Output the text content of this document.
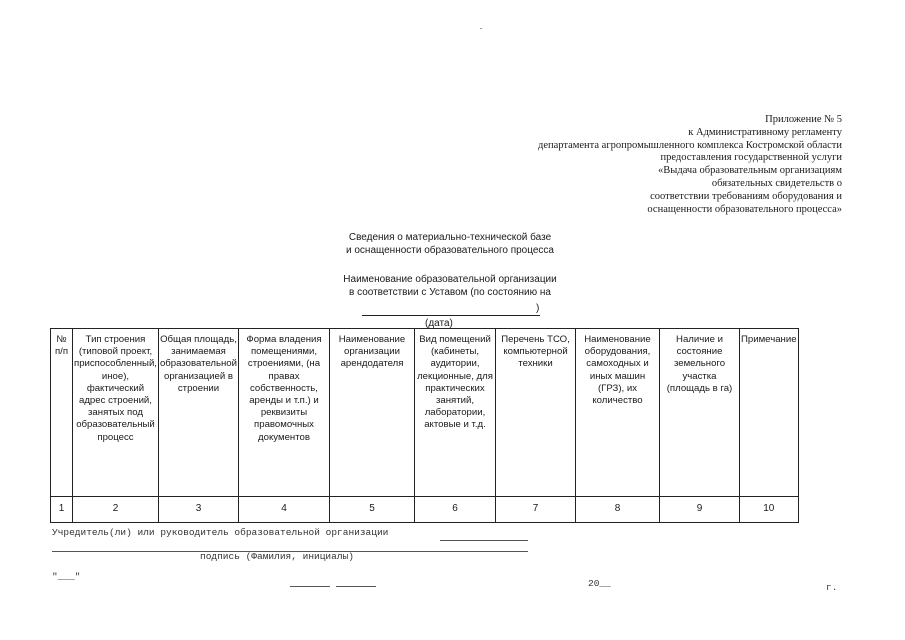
Приложение № 5
к Административному регламенту
департамента агропромышленного комплекса Костромской области
предоставления государственной услуги
«Выдача образовательным организациям
обязательных свидетельств о
соответствии требованиям оборудования и
оснащенности образовательного процесса»
Сведения о материально-технической базе
и оснащенности образовательного процесса
Наименование образовательной организации
в соответствии с Уставом (по состоянию на
)
(дата)
№ п/п	Тип строения (типовой проект, приспособленный, иное), фактический адрес строений, занятых под образовательный процесс	Общая площадь, занимаемая образовательной организацией в строении	Форма владения помещениями, строениями, (на правах собственность, аренды и т.п.) и реквизиты правомочных документов	Наименование организации арендодателя	Вид помещений (кабинеты, аудитории, лекционные, для практических занятий, лаборатории, актовые и т.д.	Перечень ТСО, компьютерной техники	Наименование оборудования, самоходных и иных машин (ГРЗ), их количество	Наличие и состояние земельного участка (площадь в га)	Примечание
1	2	3	4	5	6	7	8	9	10
Учредитель(ли) или руководитель образовательной организации
подпись (Фамилия, инициалы)
"___"
20__	г.
